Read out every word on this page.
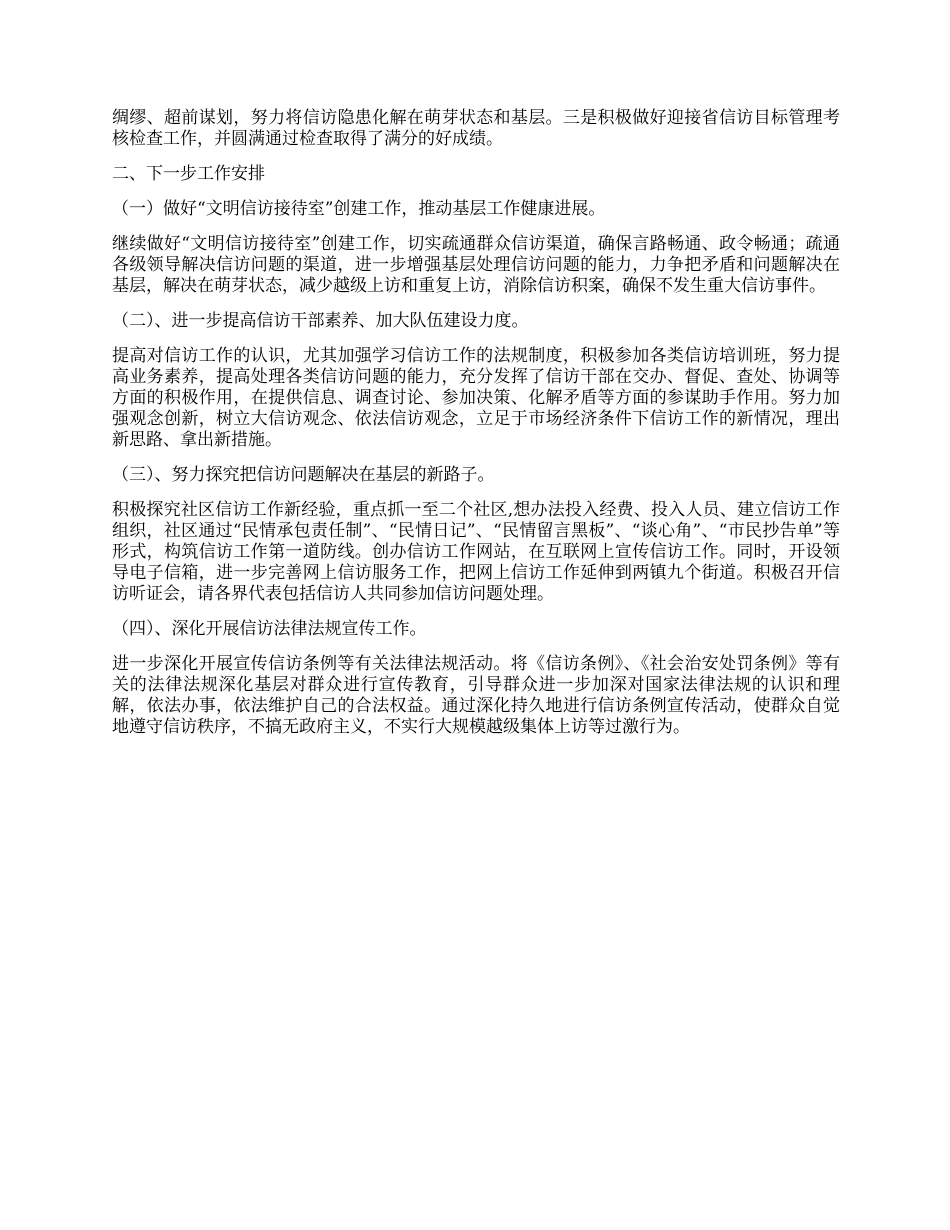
绸缪、超前谋划，努力将信访隐患化解在萌芽状态和基层。三是积极做好迎接省信访目标管理考核检查工作，并圆满通过检查取得了满分的好成绩。

二、下一步工作安排

（一）做好“文明信访接待室”创建工作，推动基层工作健康进展。

继续做好“文明信访接待室”创建工作，切实疏通群众信访渠道，确保言路畅通、政令畅通；疏通各级领导解决信访问题的渠道，进一步增强基层处理信访问题的能力，力争把矛盾和问题解决在基层，解决在萌芽状态，减少越级上访和重复上访，消除信访积案，确保不发生重大信访事件。

（二）、进一步提高信访干部素养、加大队伍建设力度。

提高对信访工作的认识，尤其加强学习信访工作的法规制度，积极参加各类信访培训班，努力提高业务素养，提高处理各类信访问题的能力，充分发挥了信访干部在交办、督促、查处、协调等方面的积极作用，在提供信息、调查讨论、参加决策、化解矛盾等方面的参谋助手作用。努力加强观念创新，树立大信访观念、依法信访观念，立足于市场经济条件下信访工作的新情况，理出新思路、拿出新措施。

（三）、努力探究把信访问题解决在基层的新路子。

积极探究社区信访工作新经验，重点抓一至二个社区,想办法投入经费、投入人员、建立信访工作组织，社区通过“民情承包责任制”、“民情日记”、“民情留言黑板”、“谈心角”、“市民抄告单”等形式，构筑信访工作第一道防线。创办信访工作网站，在互联网上宣传信访工作。同时，开设领导电子信箱，进一步完善网上信访服务工作，把网上信访工作延伸到两镇九个街道。积极召开信访听证会，请各界代表包括信访人共同参加信访问题处理。

（四）、深化开展信访法律法规宣传工作。

进一步深化开展宣传信访条例等有关法律法规活动。将《信访条例》、《社会治安处罚条例》等有关的法律法规深化基层对群众进行宣传教育，引导群众进一步加深对国家法律法规的认识和理解，依法办事，依法维护自己的合法权益。通过深化持久地进行信访条例宣传活动，使群众自觉地遵守信访秩序，不搞无政府主义，不实行大规模越级集体上访等过激行为。
